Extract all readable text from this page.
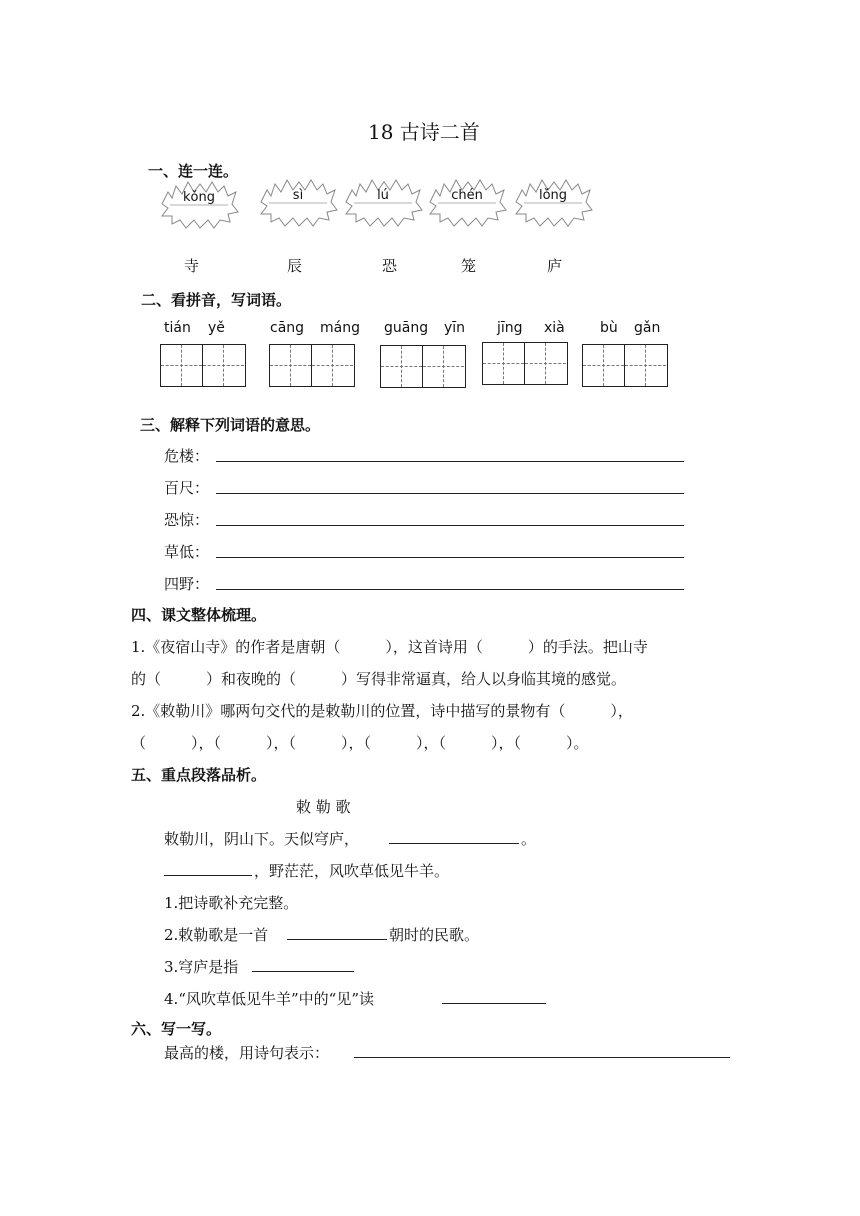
18 古诗二首
一、连一连。
kǒng	sì	lú	chén	lǒng
寺	辰	恐	笼	庐
二、看拼音，写词语。
tián yě	cāng máng guāng yīn jīng xià	bù gǎn
三、解释下列词语的意思。
危楼：
百尺：
恐惊：
草低：
四野：
四、课文整体梳理。
1.《夜宿山寺》的作者是唐朝（　　　），这首诗用（　　　）的手法。把山寺
的（　　　）和夜晚的（　　　）写得非常逼真，给人以身临其境的感觉。
2.《敕勒川》哪两句交代的是敕勒川的位置，诗中描写的景物有（　　　），
（　　　），（　　　），（　　　），（　　　），（　　　），（　　　）。
五、重点段落品析。
敕 勒 歌
敕勒川，阴山下。天似穹庐，	。
，野茫茫，风吹草低见牛羊。
1.把诗歌补充完整。
2.敕勒歌是一首	朝时的民歌。
3.穹庐是指
4.“风吹草低见牛羊”中的“见”读
六、写一写。
最高的楼，用诗句表示：
